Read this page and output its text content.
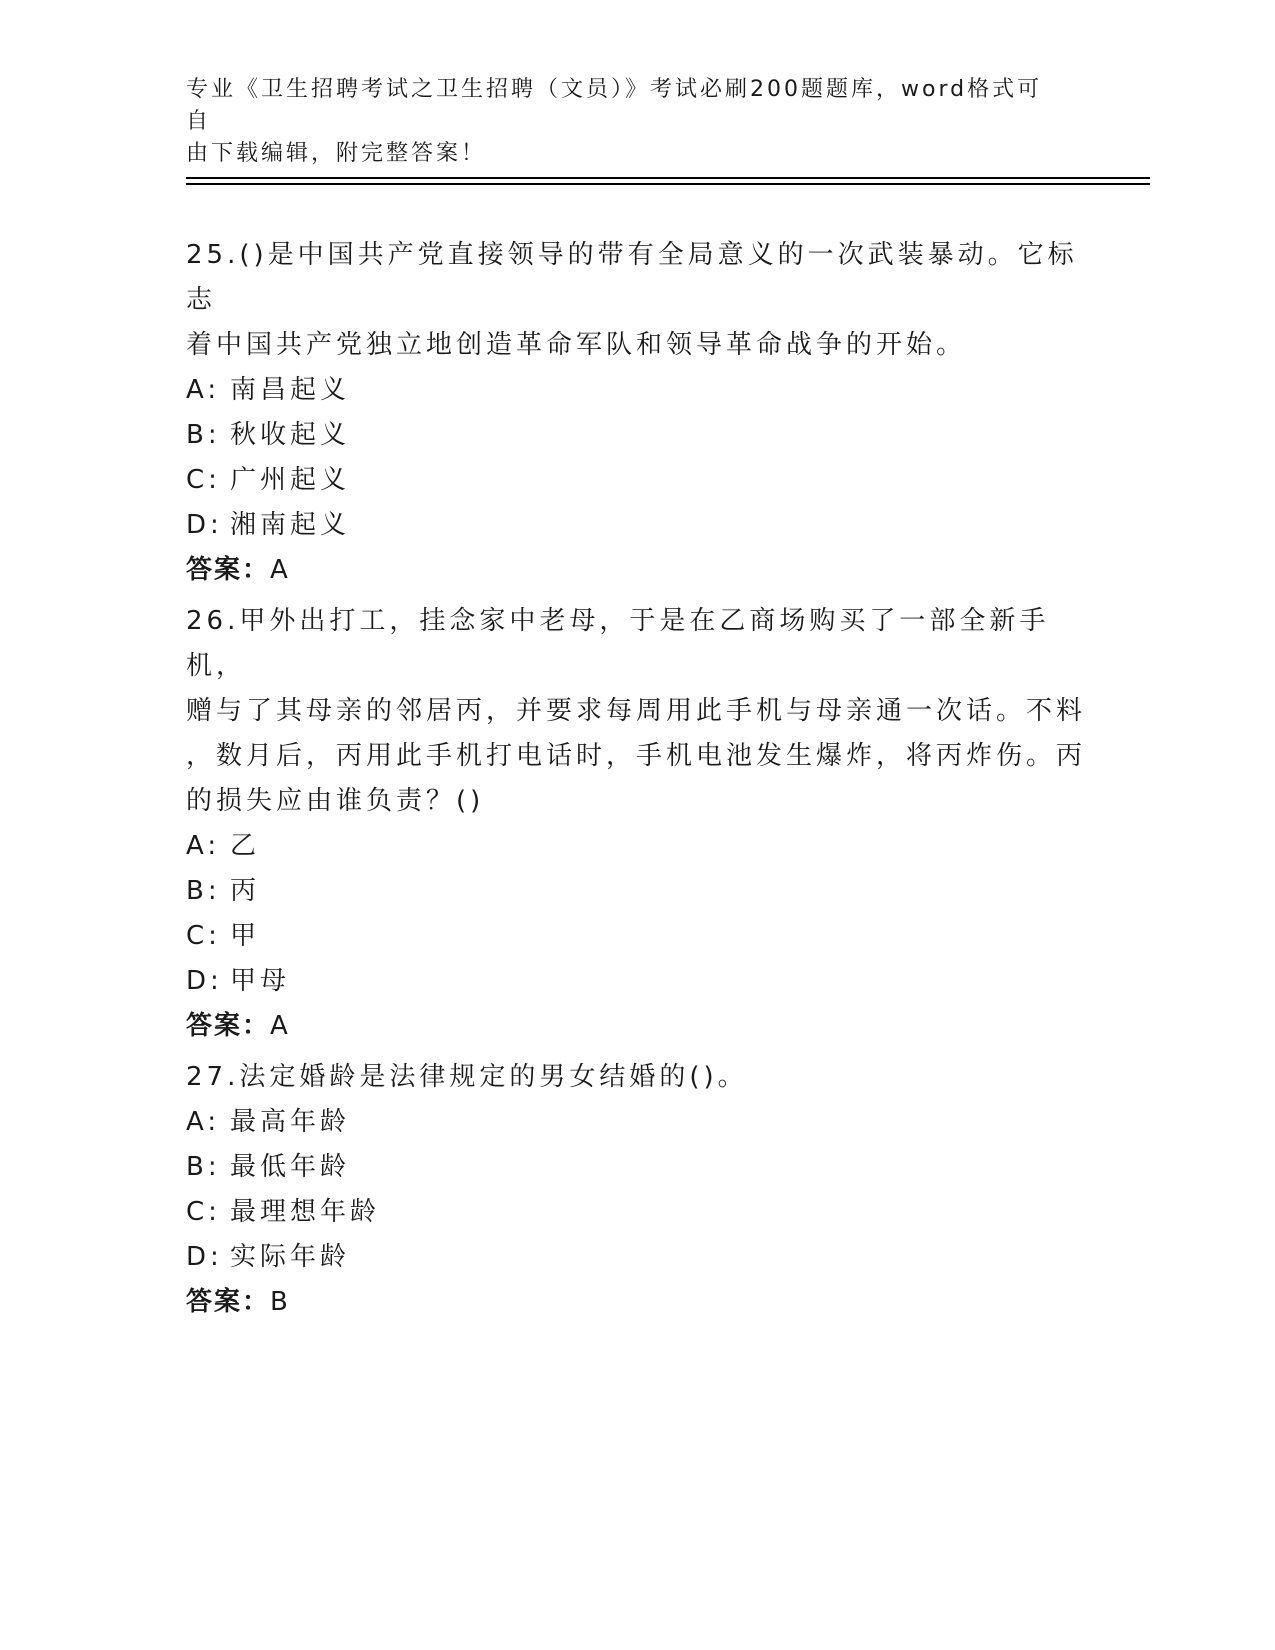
专业《卫生招聘考试之卫生招聘（文员）》考试必刷200题题库，word格式可自
由下载编辑，附完整答案！

25.()是中国共产党直接领导的带有全局意义的一次武装暴动。它标志

着中国共产党独立地创造革命军队和领导革命战争的开始。

A: 南昌起义

B: 秋收起义

C: 广州起义

D: 湘南起义

答案：A

26.甲外出打工，挂念家中老母，于是在乙商场购买了一部全新手机，

赠与了其母亲的邻居丙，并要求每周用此手机与母亲通一次话。不料

，数月后，丙用此手机打电话时，手机电池发生爆炸，将丙炸伤。丙

的损失应由谁负责？()

A: 乙

B: 丙

C: 甲

D: 甲母

答案：A

27.法定婚龄是法律规定的男女结婚的()。

A: 最高年龄

B: 最低年龄

C: 最理想年龄

D: 实际年龄

答案：B
